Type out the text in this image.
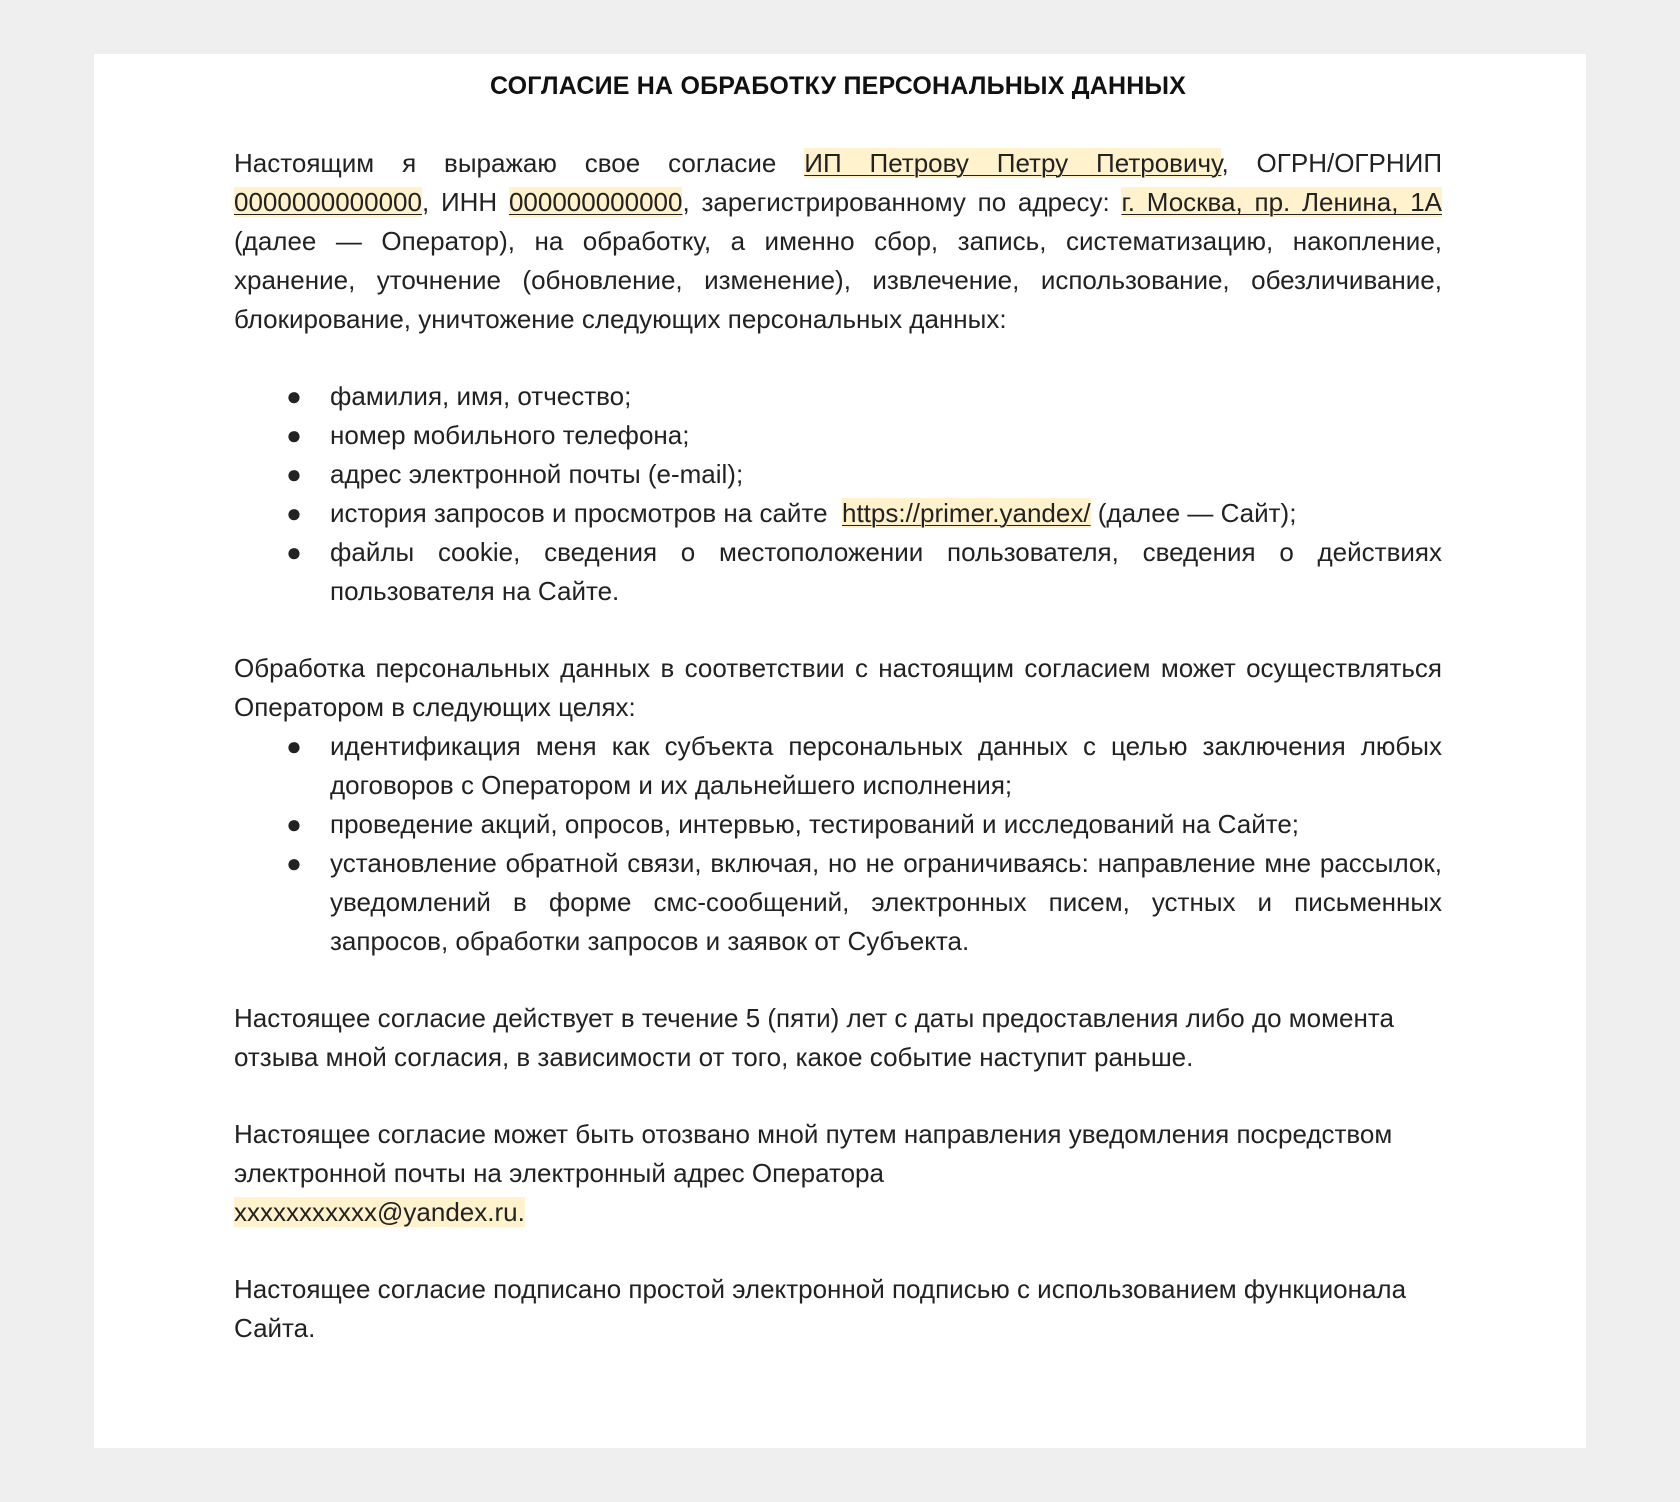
СОГЛАСИЕ НА ОБРАБОТКУ ПЕРСОНАЛЬНЫХ ДАННЫХ

Настоящим я выражаю свое согласие ИП Петрову Петру Петровичу, ОГРН/ОГРНИП 0000000000000, ИНН 000000000000, зарегистрированному по адресу: г. Москва, пр. Ленина, 1А (далее — Оператор), на обработку, а именно сбор, запись, систематизацию, накопление, хранение, уточнение (обновление, изменение), извлечение, использование, обезличивание, блокирование, уничтожение следующих персональных данных:

● фамилия, имя, отчество;
● номер мобильного телефона;
● адрес электронной почты (e-mail);
● история запросов и просмотров на сайте  https://primer.yandex/ (далее — Сайт);
● файлы cookie, сведения о местоположении пользователя, сведения о действиях пользователя на Сайте.

Обработка персональных данных в соответствии с настоящим согласием может осуществляться Оператором в следующих целях:

● идентификация меня как субъекта персональных данных с целью заключения любых договоров с Оператором и их дальнейшего исполнения;
● проведение акций, опросов, интервью, тестирований и исследований на Сайте;
● установление обратной связи, включая, но не ограничиваясь: направление мне рассылок, уведомлений в форме смс-сообщений, электронных писем, устных и письменных запросов, обработки запросов и заявок от Субъекта.

Настоящее согласие действует в течение 5 (пяти) лет с даты предоставления либо до момента отзыва мной согласия, в зависимости от того, какое событие наступит раньше.

Настоящее согласие может быть отозвано мной путем направления уведомления посредством электронной почты на электронный адрес Оператора
xxxxxxxxxxx@yandex.ru.

Настоящее согласие подписано простой электронной подписью с использованием функционала Сайта.
